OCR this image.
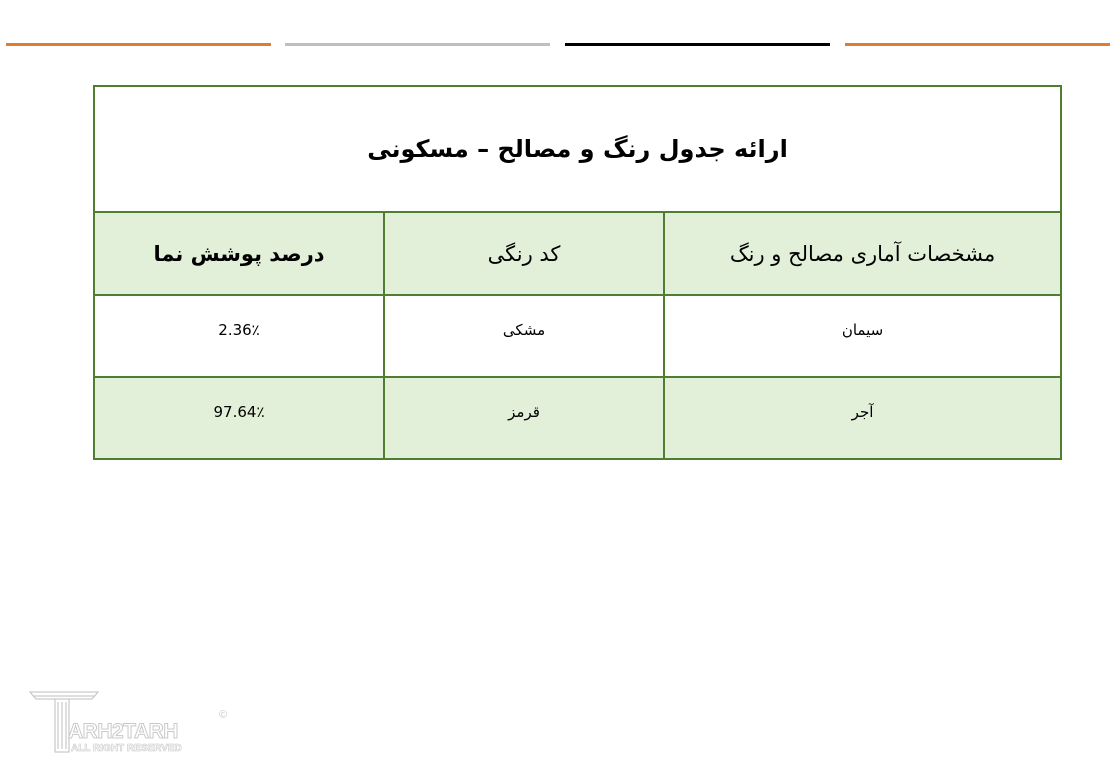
ارائه جدول رنگ و مصالح – مسکونی		
مشخصات آماری مصالح و رنگ	کد رنگی	درصد پوشش نما
سیمان	مشکی	2.36٪
آجر	قرمز	97.64٪
ARH2TARH
ALL RIGHT RESERVED
©
